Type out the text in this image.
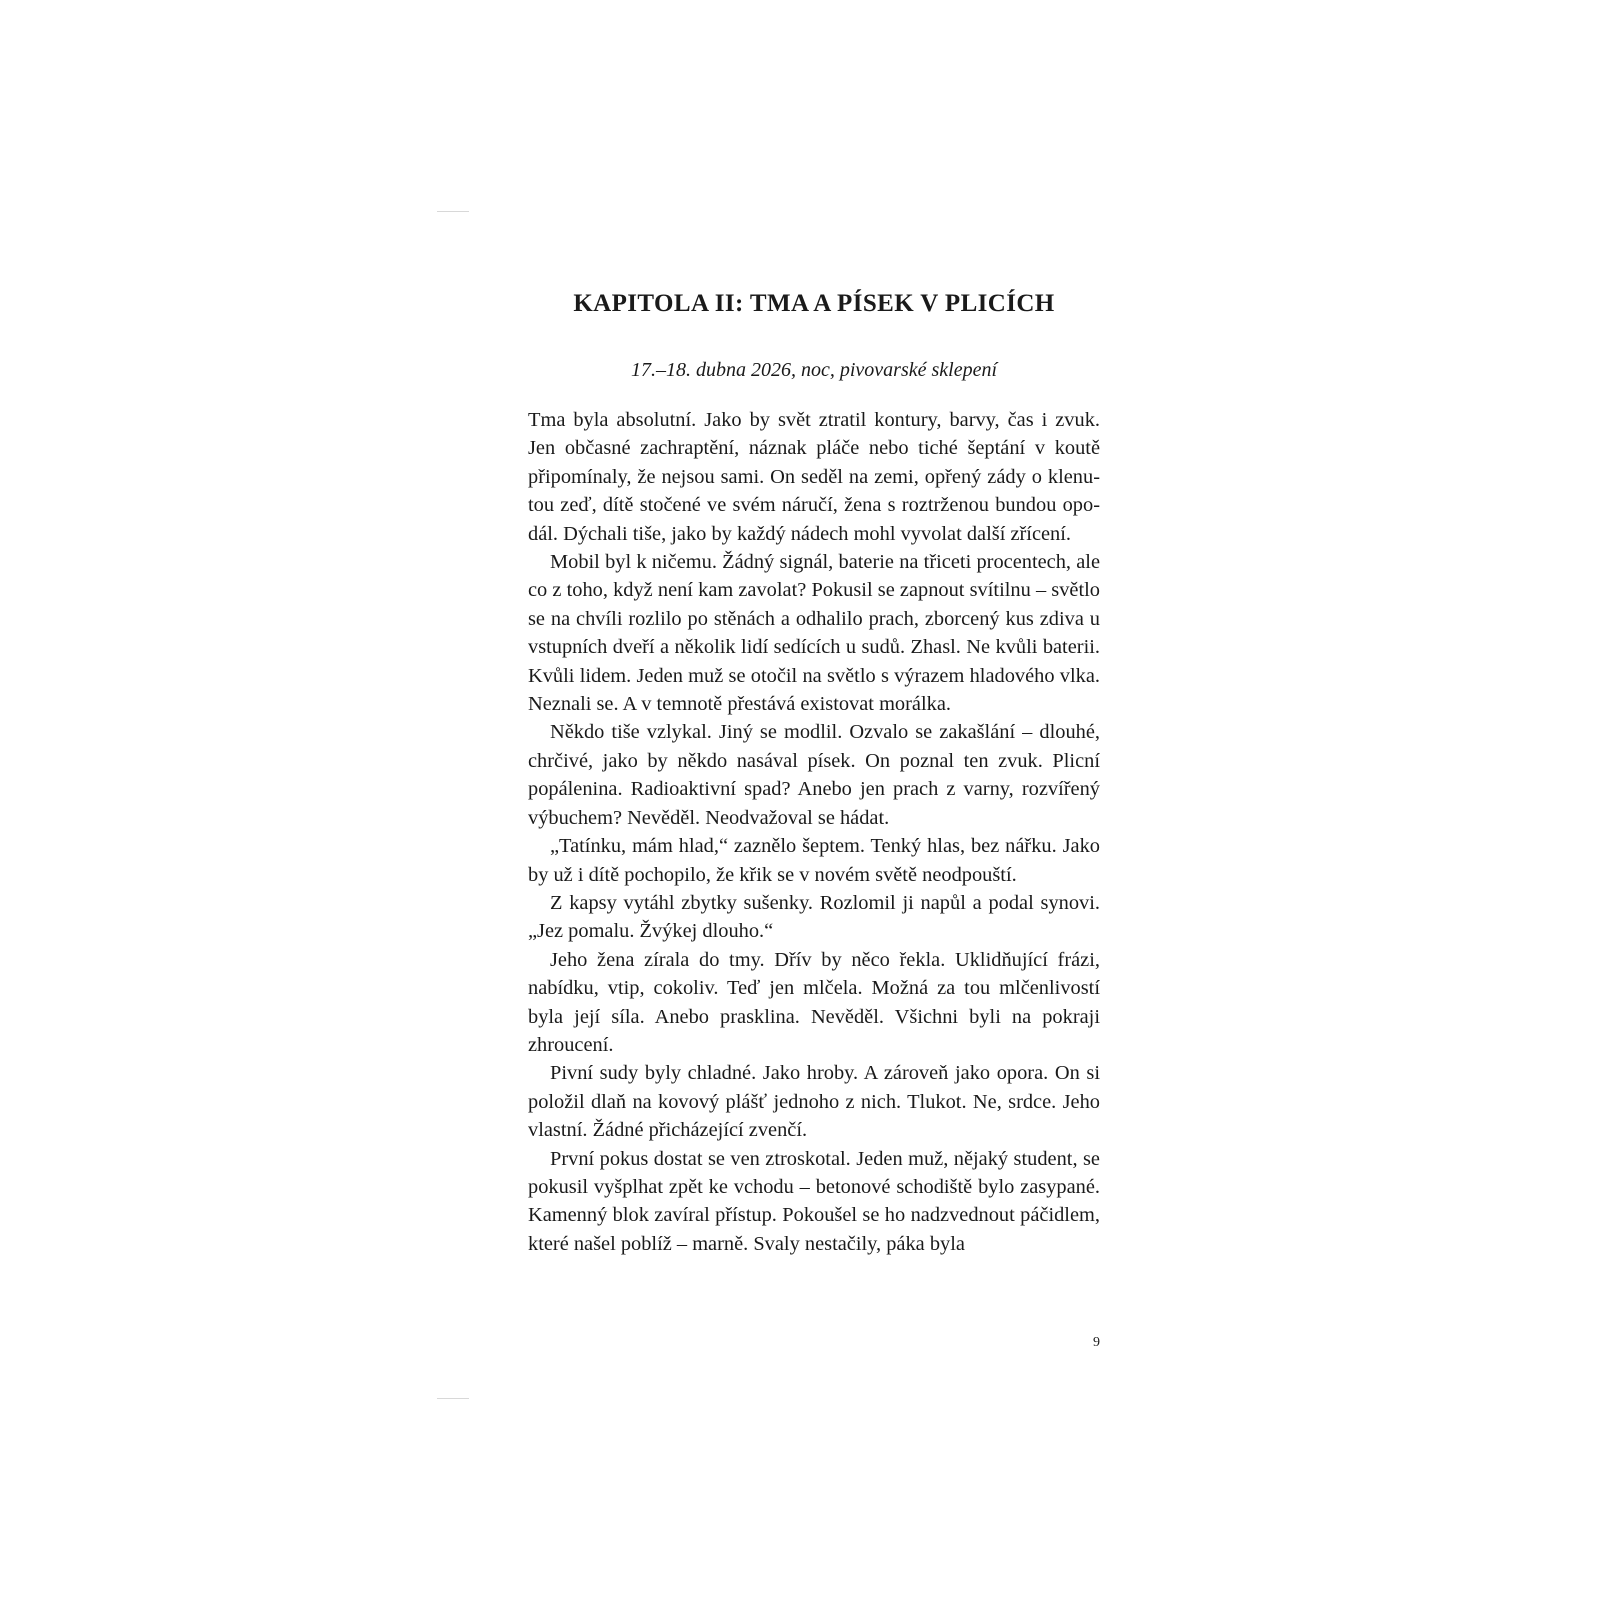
KAPITOLA II: TMA A PÍSEK V PLICÍCH

17.–18. dubna 2026, noc, pivovarské sklepení

Tma byla absolutní. Jako by svět ztratil kontury, barvy, čas i zvuk. Jen občasné zachraptění, náznak pláče nebo tiché šeptání v koutě připomínaly, že nejsou sami. On seděl na zemi, opřený zády o klenutou zeď, dítě stočené ve svém náručí, žena s roztrženou bundou opodál. Dýchali tiše, jako by každý nádech mohl vyvolat další zřícení.

Mobil byl k ničemu. Žádný signál, baterie na třiceti procentech, ale co z toho, když není kam zavolat? Pokusil se zapnout svítilnu – světlo se na chvíli rozlilo po stěnách a odhalilo prach, zborcený kus zdiva u vstupních dveří a několik lidí sedících u sudů. Zhasl. Ne kvůli baterii. Kvůli lidem. Jeden muž se otočil na světlo s výrazem hladového vlka. Neznali se. A v temnotě přestává existovat morálka.

Někdo tiše vzlykal. Jiný se modlil. Ozvalo se zakašlání – dlouhé, chrčivé, jako by někdo nasával písek. On poznal ten zvuk. Plicní popálenina. Radioaktivní spad? Anebo jen prach z varny, rozvířený výbuchem? Nevěděl. Neodvažoval se hádat.

„Tatínku, mám hlad,“ zaznělo šeptem. Tenký hlas, bez nářku. Jako by už i dítě pochopilo, že křik se v novém světě neodpouští.

Z kapsy vytáhl zbytky sušenky. Rozlomil ji napůl a podal synovi. „Jez pomalu. Žvýkej dlouho.“

Jeho žena zírala do tmy. Dřív by něco řekla. Uklidňující frázi, nabídku, vtip, cokoliv. Teď jen mlčela. Možná za tou mlčenlivostí byla její síla. Anebo prasklina. Nevěděl. Všichni byli na pokraji zhroucení.

Pivní sudy byly chladné. Jako hroby. A zároveň jako opora. On si položil dlaň na kovový plášť jednoho z nich. Tlukot. Ne, srdce. Jeho vlastní. Žádné přicházející zvenčí.

První pokus dostat se ven ztroskotal. Jeden muž, nějaký student, se pokusil vyšplhat zpět ke vchodu – betonové schodiště bylo zasypané. Kamenný blok zavíral přístup. Pokoušel se ho nadzvednout páčidlem, které našel poblíž – marně. Svaly nestačily, páka byla

9
